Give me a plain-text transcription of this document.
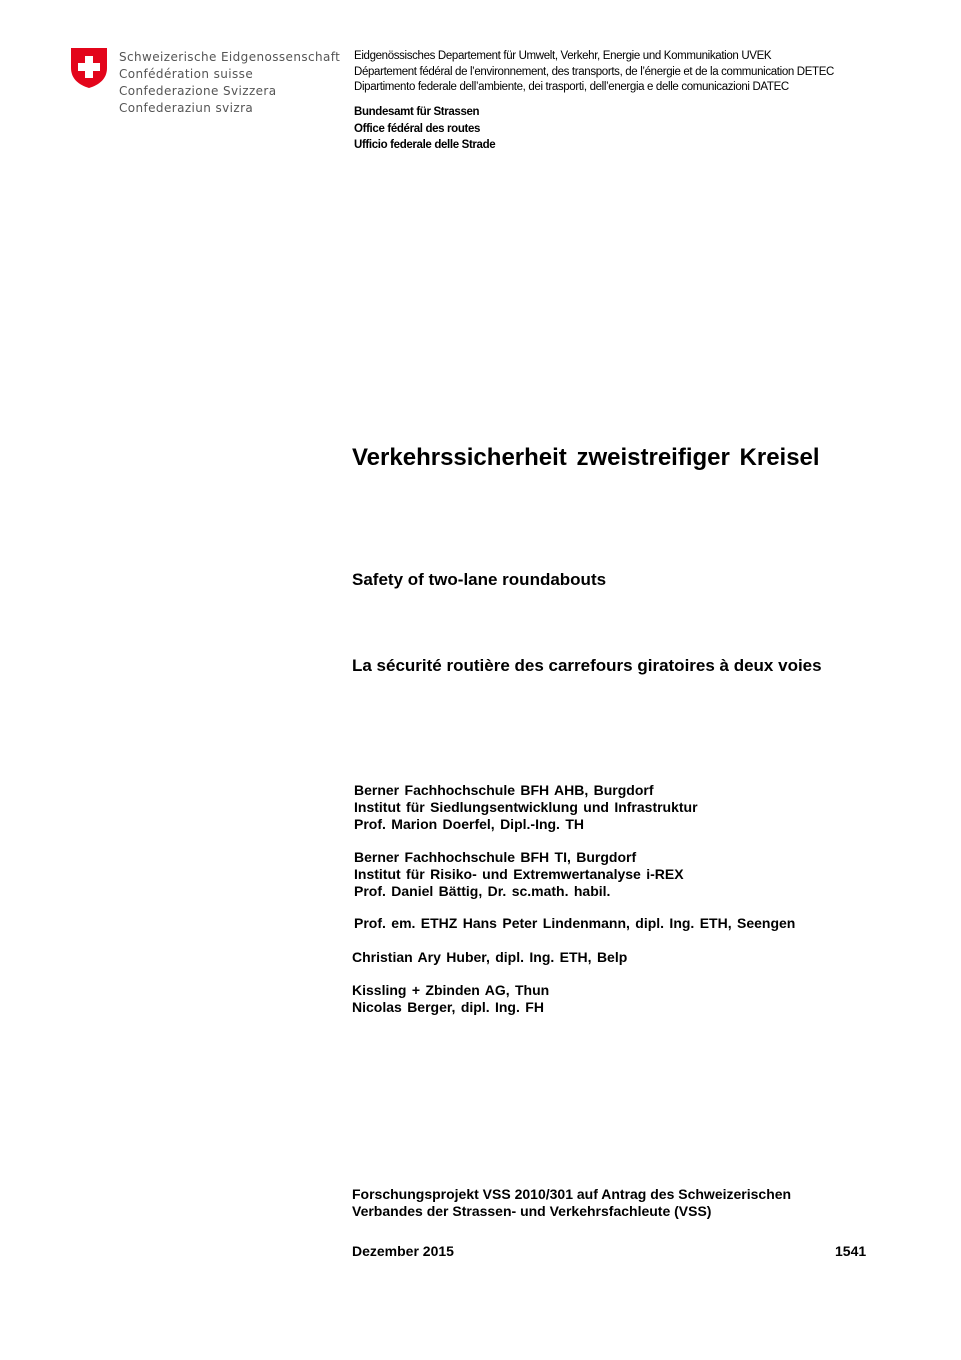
Schweizerische Eidgenossenschaft
Confédération suisse
Confederazione Svizzera
Confederaziun svizra
Eidgenössisches Departement für Umwelt, Verkehr, Energie und Kommunikation UVEK
Département fédéral de l’environnement, des transports, de l’énergie et de la communication DETEC
Dipartimento federale dell’ambiente, dei trasporti, dell’energia e delle comunicazioni DATEC
Bundesamt für Strassen
Office fédéral des routes
Ufficio federale delle Strade
Verkehrssicherheit zweistreifiger Kreisel
Safety of two-lane roundabouts
La sécurité routière des carrefours giratoires à deux voies
Berner Fachhochschule BFH AHB, Burgdorf
Institut für Siedlungsentwicklung und Infrastruktur
Prof. Marion Doerfel, Dipl.-Ing. TH
Berner Fachhochschule BFH TI, Burgdorf
Institut für Risiko- und Extremwertanalyse i-REX
Prof. Daniel Bättig, Dr. sc.math. habil.
Prof. em. ETHZ Hans Peter Lindenmann, dipl. Ing. ETH, Seengen
Christian Ary Huber, dipl. Ing. ETH, Belp
Kissling + Zbinden AG, Thun
Nicolas Berger, dipl. Ing. FH
Forschungsprojekt VSS 2010/301 auf Antrag des Schweizerischen
Verbandes der Strassen- und Verkehrsfachleute (VSS)
Dezember 2015	1541
